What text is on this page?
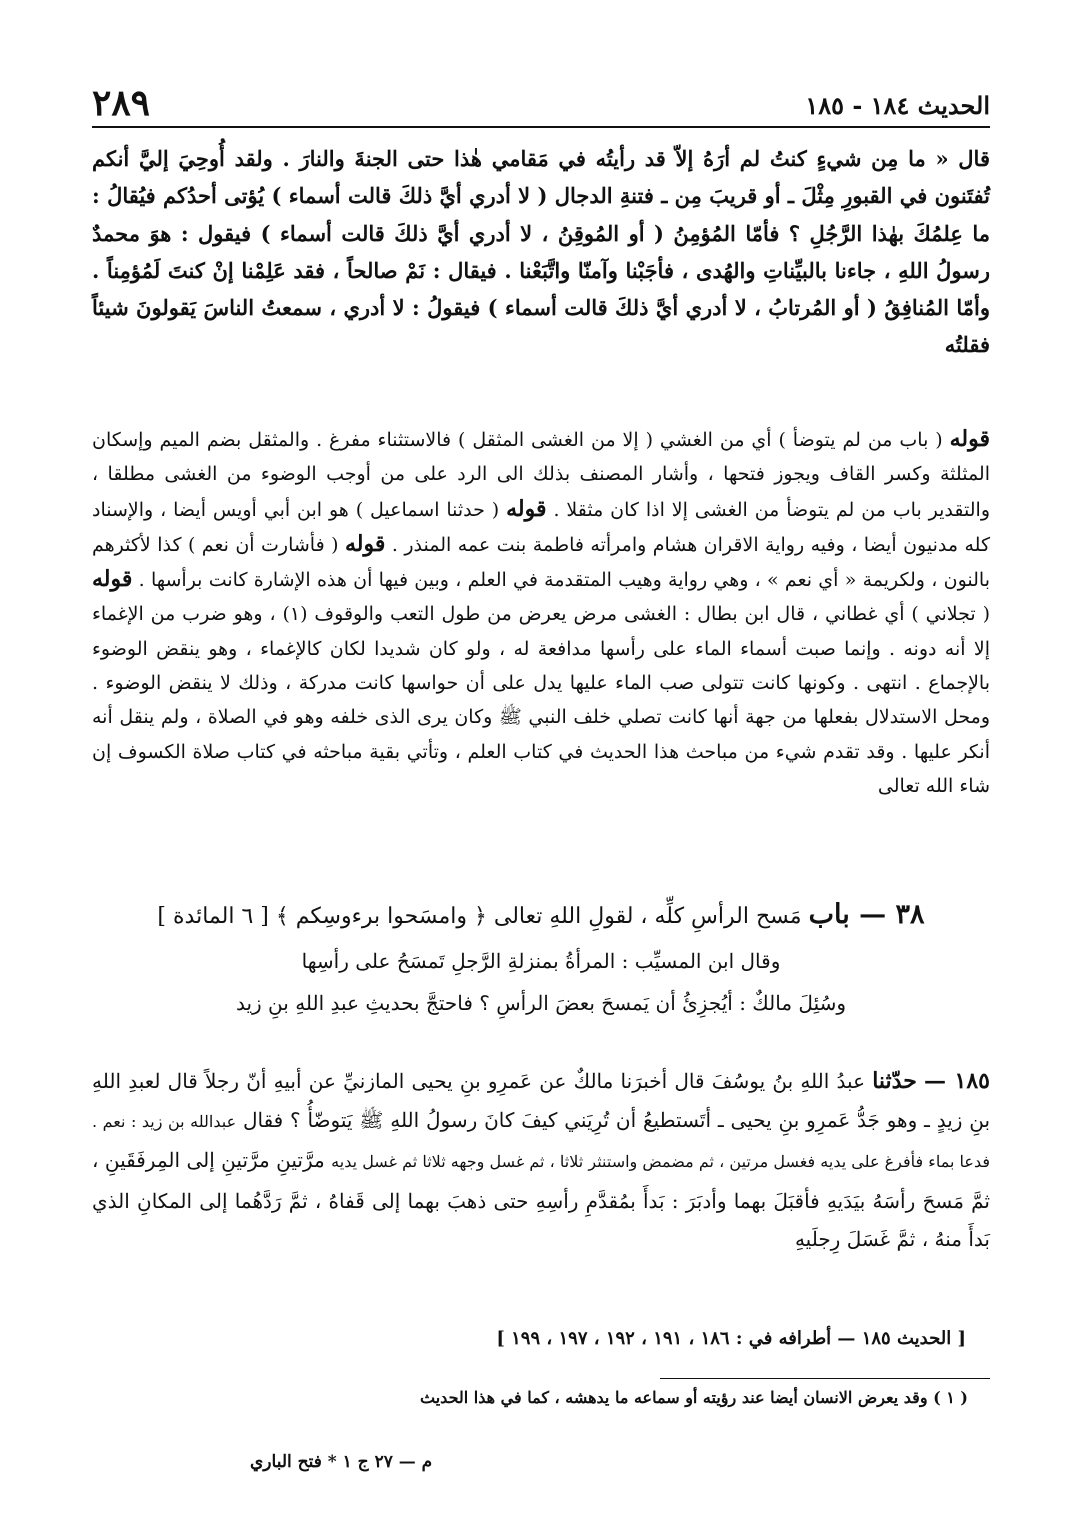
الحديث ١٨٤ - ١٨٥
٢٨٩
قال « ما مِن شيءٍ كنتُ لم أرَهُ إلاّ قد رأيتُه في مَقامي هٰذا حتى الجنةَ والنارَ . ولقد أُوحِيَ إليَّ أنكم تُفتَنون في القبورِ مِثْلَ ـ أو قريبَ مِن ـ فتنةِ الدجال ( لا أدري أيَّ ذلكَ قالت أسماء ) يُؤتى أحدُكم فيُقالُ : ما عِلمُكَ بهٰذا الرَّجُلِ ؟ فأمّا المُؤمِنُ ( أو المُوقِنُ ، لا أدري أيَّ ذلكَ قالت أسماء ) فيقول : هوَ محمدٌ رسولُ اللهِ ، جاءنا بالبيِّناتِ والهُدى ، فأجَبْنا وآمنّا واتَّبَعْنا . فيقال : نَمْ صالحاً ، فقد عَلِمْنا إنْ كنتَ لَمُؤمِناً . وأمّا المُنافِقُ ( أو المُرتابُ ، لا أدري أيَّ ذلكَ قالت أسماء ) فيقولُ : لا أدري ، سمعتُ الناسَ يَقولونَ شيئاً فقلتُه
قوله ( باب من لم يتوضأ ) أي من الغشي ( إلا من الغشى المثقل ) فالاستثناء مفرغ . والمثقل بضم الميم وإسكان المثلثة وكسر القاف ويجوز فتحها ، وأشار المصنف بذلك الى الرد على من أوجب الوضوء من الغشى مطلقا ، والتقدير باب من لم يتوضأ من الغشى إلا اذا كان مثقلا . قوله ( حدثنا اسماعيل ) هو ابن أبي أويس أيضا ، والإسناد كله مدنيون أيضا ، وفيه رواية الاقران هشام وامرأته فاطمة بنت عمه المنذر . قوله ( فأشارت أن نعم ) كذا لأكثرهم بالنون ، ولكريمة « أي نعم » ، وهي رواية وهيب المتقدمة في العلم ، وبين فيها أن هذه الإشارة كانت برأسها . قوله ( تجلاني ) أي غطاني ، قال ابن بطال : الغشى مرض يعرض من طول التعب والوقوف (١) ، وهو ضرب من الإغماء إلا أنه دونه . وإنما صبت أسماء الماء على رأسها مدافعة له ، ولو كان شديدا لكان كالإغماء ، وهو ينقض الوضوء بالإجماع . انتهى . وكونها كانت تتولى صب الماء عليها يدل على أن حواسها كانت مدركة ، وذلك لا ينقض الوضوء . ومحل الاستدلال بفعلها من جهة أنها كانت تصلي خلف النبي ﷺ وكان يرى الذى خلفه وهو في الصلاة ، ولم ينقل أنه أنكر عليها . وقد تقدم شيء من مباحث هذا الحديث في كتاب العلم ، وتأتي بقية مباحثه في كتاب صلاة الكسوف إن شاء الله تعالى
٣٨ — باب مَسح الرأسِ كلِّه ، لقولِ اللهِ تعالى ﴿ وامسَحوا برءوسِكم ﴾ [ ٦ المائدة ]
وقال ابن المسيِّب : المرأةُ بمنزلةِ الرَّجلِ تَمسَحُ على رأسِها
وسُئِلَ مالكٌ : أيُجزِئُ أن يَمسحَ بعضَ الرأسِ ؟ فاحتجَّ بحديثِ عبدِ اللهِ بنِ زيد
١٨٥ — حدّثنا عبدُ اللهِ بنُ يوسُفَ قال أخبرَنا مالكٌ عن عَمرِو بنِ يحيى المازنيِّ عن أبيهِ أنّ رجلاً قال لعبدِ اللهِ بنِ زيدٍ ـ وهو جَدُّ عَمرِو بنِ يحيى ـ أتَستطيعُ أن تُرِيَني كيفَ كانَ رسولُ اللهِ ﷺ يَتوضّأُ ؟ فقال عبدالله بن زيد : نعم . فدعا بماء فأفرغ على يديه فغسل مرتين ، ثم مضمض واستنثر ثلاثا ، ثم غسل وجهه ثلاثا ثم غسل يديه مرَّتينِ مرَّتينِ إلى المِرفَقَينِ ، ثمَّ مَسحَ رأسَهُ بيَدَيهِ فأقبَلَ بهما وأدبَرَ : بَدأَ بمُقدَّمِ رأسِهِ حتى ذهبَ بهما إلى قَفاهُ ، ثمَّ رَدَّهُما إلى المكانِ الذي بَدأَ منهُ ، ثمَّ غَسَلَ رِجلَيهِ
[ الحديث ١٨٥ — أطرافه في : ١٨٦ ، ١٩١ ، ١٩٢ ، ١٩٧ ، ١٩٩ ]
( ١ ) وقد يعرض الانسان أيضا عند رؤيته أو سماعه ما يدهشه ، كما في هذا الحديث
م — ٢٧ ج ١ * فتح الباري
